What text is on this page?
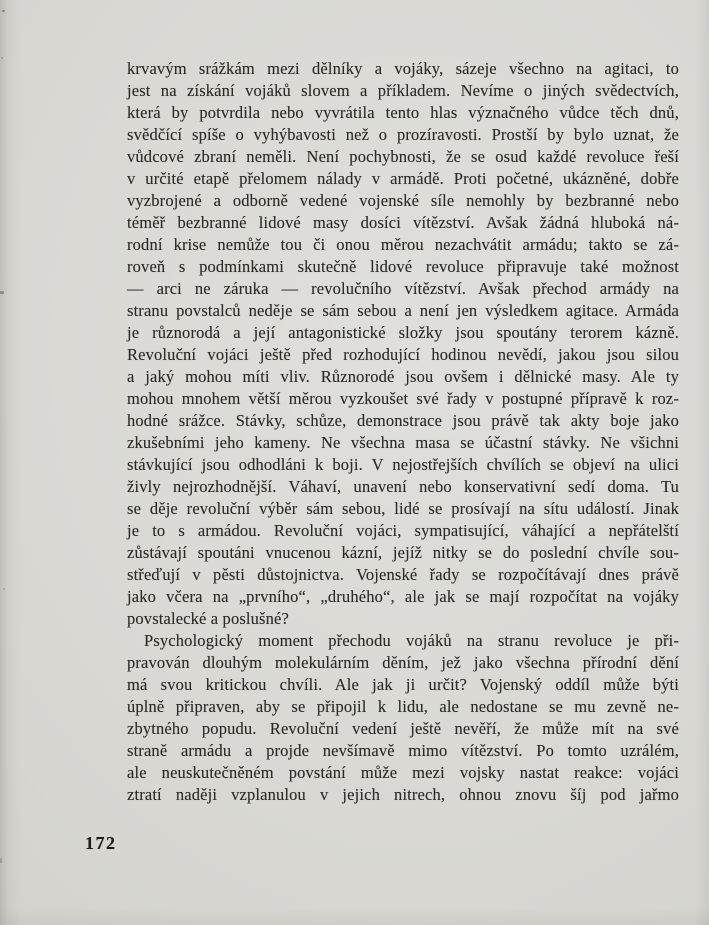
krvavým srážkám mezi dělníky a vojáky, sázeje všechno na agitaci, to
jest na získání vojáků slovem a příkladem. Nevíme o jiných svědectvích,
která by potvrdila nebo vyvrátila tento hlas význačného vůdce těch dnů,
svědčící spíše o vyhýbavosti než o prozíravosti. Prostší by bylo uznat, že
vůdcové zbraní neměli. Není pochybnosti, že se osud každé revoluce řeší
v určité etapě přelomem nálady v armádě. Proti početné, ukázněné, dobře
vyzbrojené a odborně vedené vojenské síle nemohly by bezbranné nebo
téměř bezbranné lidové masy dosíci vítězství. Avšak žádná hluboká ná-
rodní krise nemůže tou či onou měrou nezachvátit armádu; takto se zá-
roveň s podmínkami skutečně lidové revoluce připravuje také možnost
— arci ne záruka — revolučního vítězství. Avšak přechod armády na
stranu povstalců neděje se sám sebou a není jen výsledkem agitace. Armáda
je různorodá a její antagonistické složky jsou spoutány terorem kázně.
Revoluční vojáci ještě před rozhodující hodinou nevědí, jakou jsou silou
a jaký mohou míti vliv. Různorodé jsou ovšem i dělnické masy. Ale ty
mohou mnohem větší měrou vyzkoušet své řady v postupné přípravě k roz-
hodné srážce. Stávky, schůze, demonstrace jsou právě tak akty boje jako
zkušebními jeho kameny. Ne všechna masa se účastní stávky. Ne všichni
stávkující jsou odhodláni k boji. V nejostřejších chvílích se objeví na ulici
živly nejrozhodnější. Váhaví, unavení nebo konservativní sedí doma. Tu
se děje revoluční výběr sám sebou, lidé se prosívají na sítu událostí. Jinak
je to s armádou. Revoluční vojáci, sympatisující, váhající a nepřátelští
zůstávají spoutáni vnucenou kázní, jejíž nitky se do poslední chvíle sou-
střeďují v pěsti důstojnictva. Vojenské řady se rozpočítávají dnes právě
jako včera na „prvního“, „druhého“, ale jak se mají rozpočítat na vojáky
povstalecké a poslušné?
Psychologický moment přechodu vojáků na stranu revoluce je při-
pravován dlouhým molekulárním děním, jež jako všechna přírodní dění
má svou kritickou chvíli. Ale jak ji určit? Vojenský oddíl může býti
úplně připraven, aby se připojil k lidu, ale nedostane se mu zevně ne-
zbytného popudu. Revoluční vedení ještě nevěří, že může mít na své
straně armádu a projde nevšímavě mimo vítězství. Po tomto uzrálém,
ale neuskutečněném povstání může mezi vojsky nastat reakce: vojáci
ztratí naději vzplanulou v jejich nitrech, ohnou znovu šíj pod jařmo
172
